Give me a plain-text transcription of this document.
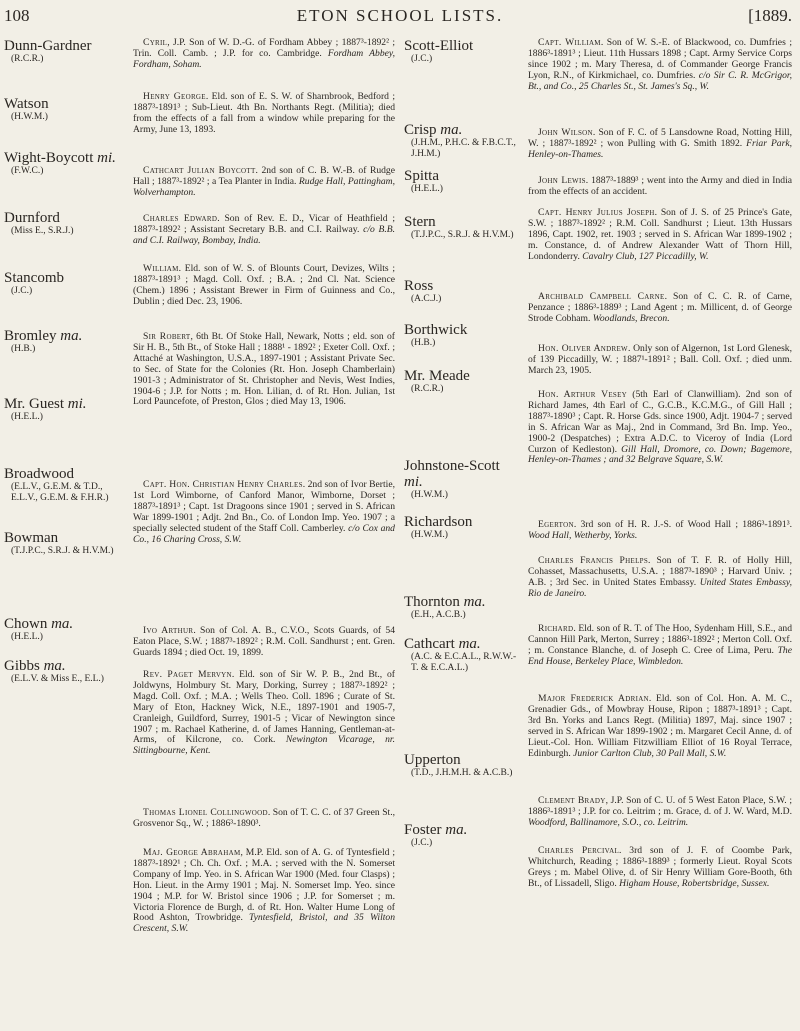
108	ETON SCHOOL LISTS.	[1889.
Dunn-Gardner
(R.C.R.)
Watson
(H.W.M.)
Wight-Boycott mi.
(F.W.C.)
Durnford
(Miss E., S.R.J.)
Stancomb
(J.C.)
Bromley ma.
(H.B.)
Mr. Guest mi.
(H.E.L.)
Broadwood
(E.L.V., G.E.M. & T.D., E.L.V., G.E.M. & F.H.R.)
Bowman
(T.J.P.C., S.R.J. & H.V.M.)
Chown ma.
(H.E.L.)
Gibbs ma.
(E.L.V. & Miss E., E.L.)

Cyril, J.P. Son of W. D.-G. of Fordham Abbey ; 1887³-1892² ; Trin. Coll. Camb. ; J.P. for co. Cambridge. Fordham Abbey, Fordham, Soham.

Henry George. Eld. son of E. S. W. of Sharnbrook, Bedford ; 1887³-1891³ ; Sub-Lieut. 4th Bn. Northants Regt. (Militia); died from the effects of a fall from a window while preparing for the Army, June 13, 1893.

Cathcart Julian Boycott. 2nd son of C. B. W.-B. of Rudge Hall ; 1887³-1892² ; a Tea Planter in India. Rudge Hall, Pattingham, Wolverhampton.

Charles Edward. Son of Rev. E. D., Vicar of Heathfield ; 1887³-1892² ; Assistant Secretary B.B. and C.I. Railway. c/o B.B. and C.I. Railway, Bombay, India.

William. Eld. son of W. S. of Blounts Court, Devizes, Wilts ; 1887³-1891³ ; Magd. Coll. Oxf. ; B.A. ; 2nd Cl. Nat. Science (Chem.) 1896 ; Assistant Brewer in Firm of Guinness and Co., Dublin ; died Dec. 23, 1906.

Sir Robert, 6th Bt. Of Stoke Hall, Newark, Notts ; eld. son of Sir H. B., 5th Bt., of Stoke Hall ; 1888¹ - 1892² ; Exeter Coll. Oxf. ; Attaché at Washington, U.S.A., 1897-1901 ; Assistant Private Sec. to Sec. of State for the Colonies (Rt. Hon. Joseph Chamberlain) 1901-3 ; Administrator of St. Christopher and Nevis, West Indies, 1904-6 ; J.P. for Notts ; m. Hon. Lilian, d. of Rt. Hon. Julian, 1st Lord Pauncefote, of Preston, Glos ; died May 13, 1906.

Capt. Hon. Christian Henry Charles. 2nd son of Ivor Bertie, 1st Lord Wimborne, of Canford Manor, Wimborne, Dorset ; 1887³-1891³ ; Capt. 1st Dragoons since 1901 ; served in S. African War 1899-1901 ; Adjt. 2nd Bn., Co. of London Imp. Yeo. 1907 ; a specially selected student of the Staff Coll. Camberley. c/o Cox and Co., 16 Charing Cross, S.W.

Ivo Arthur. Son of Col. A. B., C.V.O., Scots Guards, of 54 Eaton Place, S.W. ; 1887³-1892² ; R.M. Coll. Sandhurst ; ent. Gren. Guards 1894 ; died Oct. 19, 1899.

Rev. Paget Mervyn. Eld. son of Sir W. P. B., 2nd Bt., of Joldwyns, Holmbury St. Mary, Dorking, Surrey ; 1887³-1892² ; Magd. Coll. Oxf. ; M.A. ; Wells Theo. Coll. 1896 ; Curate of St. Mary of Eton, Hackney Wick, N.E., 1897-1901 and 1905-7, Cranleigh, Guildford, Surrey, 1901-5 ; Vicar of Newington since 1907 ; m. Rachael Katherine, d. of James Hanning, Gentleman-at-Arms, of Kilcrone, co. Cork. Newington Vicarage, nr. Sittingbourne, Kent.

Thomas Lionel Collingwood. Son of T. C. C. of 37 Green St., Grosvenor Sq., W. ; 1886³-1890³.

Maj. George Abraham, M.P. Eld. son of A. G. of Tyntesfield ; 1887³-1892¹ ; Ch. Ch. Oxf. ; M.A. ; served with the N. Somerset Company of Imp. Yeo. in S. African War 1900 (Med. four Clasps) ; Hon. Lieut. in the Army 1901 ; Maj. N. Somerset Imp. Yeo. since 1904 ; M.P. for W. Bristol since 1906 ; J.P. for Somerset ; m. Victoria Florence de Burgh, d. of Rt. Hon. Walter Hume Long of Rood Ashton, Trowbridge. Tyntesfield, Bristol, and 35 Wilton Crescent, S.W.

Scott-Elliot
(J.C.)
Crisp ma.
(J.H.M., P.H.C. & F.B.C.T., J.H.M.)
Spitta
(H.E.L.)
Stern
(T.J.P.C., S.R.J. & H.V.M.)
Ross
(A.C.J.)
Borthwick
(H.B.)
Mr. Meade
(R.C.R.)
Johnstone-Scott mi.
(H.W.M.)
Richardson
(H.W.M.)
Thornton ma.
(E.H., A.C.B.)
Cathcart ma.
(A.C. & E.C.A.L., R.W.W.-T. & E.C.A.L.)
Upperton
(T.D., J.H.M.H. & A.C.B.)
Foster ma.
(J.C.)

Capt. William. Son of W. S.-E. of Blackwood, co. Dumfries ; 1886³-1891³ ; Lieut. 11th Hussars 1898 ; Capt. Army Service Corps since 1902 ; m. Mary Theresa, d. of Commander George Francis Lyon, R.N., of Kirkmichael, co. Dumfries. c/o Sir C. R. McGrigor, Bt., and Co., 25 Charles St., St. James's Sq., W.

John Wilson. Son of F. C. of 5 Lansdowne Road, Notting Hill, W. ; 1887³-1892² ; won Pulling with G. Smith 1892. Friar Park, Henley-on-Thames.

John Lewis. 1887³-1889³ ; went into the Army and died in India from the effects of an accident.

Capt. Henry Julius Joseph. Son of J. S. of 25 Prince's Gate, S.W. ; 1887³-1892² ; R.M. Coll. Sandhurst ; Lieut. 13th Hussars 1896, Capt. 1902, ret. 1903 ; served in S. African War 1899-1902 ; m. Constance, d. of Andrew Alexander Watt of Thorn Hill, Londonderry. Cavalry Club, 127 Piccadilly, W.

Archibald Campbell Carne. Son of C. C. R. of Carne, Penzance ; 1886³-1889³ ; Land Agent ; m. Millicent, d. of George Strode Cobham. Woodlands, Brecon.

Hon. Oliver Andrew. Only son of Algernon, 1st Lord Glenesk, of 139 Piccadilly, W. ; 1887¹-1891² ; Ball. Coll. Oxf. ; died unm. March 23, 1905.

Hon. Arthur Vesey (5th Earl of Clanwilliam). 2nd son of Richard James, 4th Earl of C., G.C.B., K.C.M.G., of Gill Hall ; 1887³-1890³ ; Capt. R. Horse Gds. since 1900, Adjt. 1904-7 ; served in S. African War as Maj., 2nd in Command, 3rd Bn. Imp. Yeo., 1900-2 (Despatches) ; Extra A.D.C. to Viceroy of India (Lord Curzon of Kedleston). Gill Hall, Dromore, co. Down; Bagemore, Henley-on-Thames ; and 32 Belgrave Square, S.W.

Egerton. 3rd son of H. R. J.-S. of Wood Hall ; 1886³-1891³. Wood Hall, Wetherby, Yorks.

Charles Francis Phelps. Son of T. F. R. of Holly Hill, Cohasset, Massachusetts, U.S.A. ; 1887³-1890³ ; Harvard Univ. ; A.B. ; 3rd Sec. in United States Embassy. United States Embassy, Rio de Janeiro.

Richard. Eld. son of R. T. of The Hoo, Sydenham Hill, S.E., and Cannon Hill Park, Merton, Surrey ; 1886³-1892² ; Merton Coll. Oxf. ; m. Constance Blanche, d. of Joseph C. Cree of Lima, Peru. The End House, Berkeley Place, Wimbledon.

Major Frederick Adrian. Eld. son of Col. Hon. A. M. C., Grenadier Gds., of Mowbray House, Ripon ; 1887³-1891³ ; Capt. 3rd Bn. Yorks and Lancs Regt. (Militia) 1897, Maj. since 1907 ; served in S. African War 1899-1902 ; m. Margaret Cecil Anne, d. of Lieut.-Col. Hon. William Fitzwilliam Elliot of 16 Royal Terrace, Edinburgh. Junior Carlton Club, 30 Pall Mall, S.W.

Clement Brady, J.P. Son of C. U. of 5 West Eaton Place, S.W. ; 1886³-1891³ ; J.P. for co. Leitrim ; m. Grace, d. of J. W. Ward, M.D. Woodford, Ballinamore, S.O., co. Leitrim.

Charles Percival. 3rd son of J. F. of Coombe Park, Whitchurch, Reading ; 1886³-1889³ ; formerly Lieut. Royal Scots Greys ; m. Mabel Olive, d. of Sir Henry William Gore-Booth, 6th Bt., of Lissadell, Sligo. Higham House, Robertsbridge, Sussex.
